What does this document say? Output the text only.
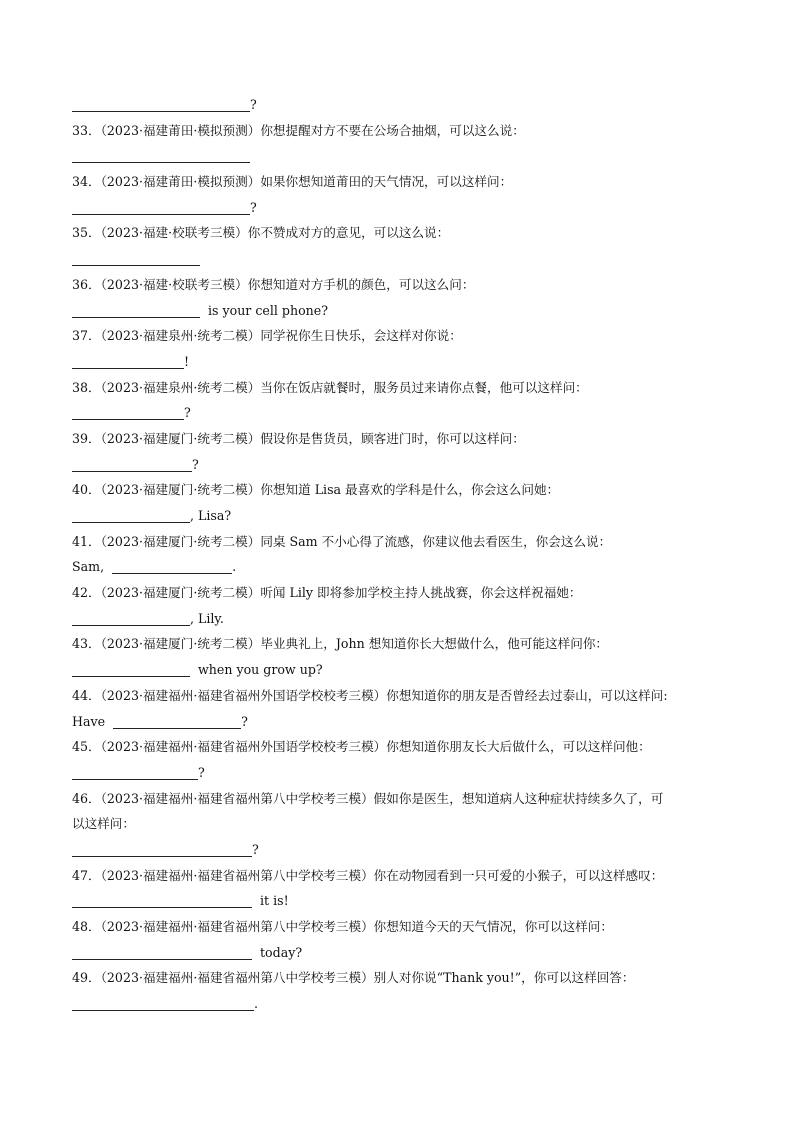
?
33．（2023·福建莆田·模拟预测）你想提醒对方不要在公场合抽烟，可以这么说：
34．（2023·福建莆田·模拟预测）如果你想知道莆田的天气情况，可以这样问：
?
35．（2023·福建·校联考三模）你不赞成对方的意见，可以这么说：
36．（2023·福建·校联考三模）你想知道对方手机的颜色，可以这么问：
is your cell phone?
37．（2023·福建泉州·统考二模）同学祝你生日快乐，会这样对你说：
!
38．（2023·福建泉州·统考二模）当你在饭店就餐时，服务员过来请你点餐，他可以这样问：
?
39．（2023·福建厦门·统考二模）假设你是售货员，顾客进门时，你可以这样问：
?
40．（2023·福建厦门·统考二模）你想知道 Lisa 最喜欢的学科是什么，你会这么问她：
, Lisa?
41．（2023·福建厦门·统考二模）同桌 Sam 不小心得了流感，你建议他去看医生，你会这么说：
Sam,	.
42．（2023·福建厦门·统考二模）听闻 Lily 即将参加学校主持人挑战赛，你会这样祝福她：
, Lily.
43．（2023·福建厦门·统考二模）毕业典礼上，John 想知道你长大想做什么，他可能这样问你：
when you grow up?
44．（2023·福建福州·福建省福州外国语学校校考三模）你想知道你的朋友是否曾经去过泰山，可以这样问:
Have	?
45．（2023·福建福州·福建省福州外国语学校校考三模）你想知道你朋友长大后做什么，可以这样问他：
?
46．（2023·福建福州·福建省福州第八中学校考三模）假如你是医生，想知道病人这种症状持续多久了，可
以这样问：
?
47．（2023·福建福州·福建省福州第八中学校考三模）你在动物园看到一只可爱的小猴子，可以这样感叹：
it is!
48．（2023·福建福州·福建省福州第八中学校考三模）你想知道今天的天气情况，你可以这样问：
today?
49．（2023·福建福州·福建省福州第八中学校考三模）别人对你说“Thank you!”，你可以这样回答：
.
